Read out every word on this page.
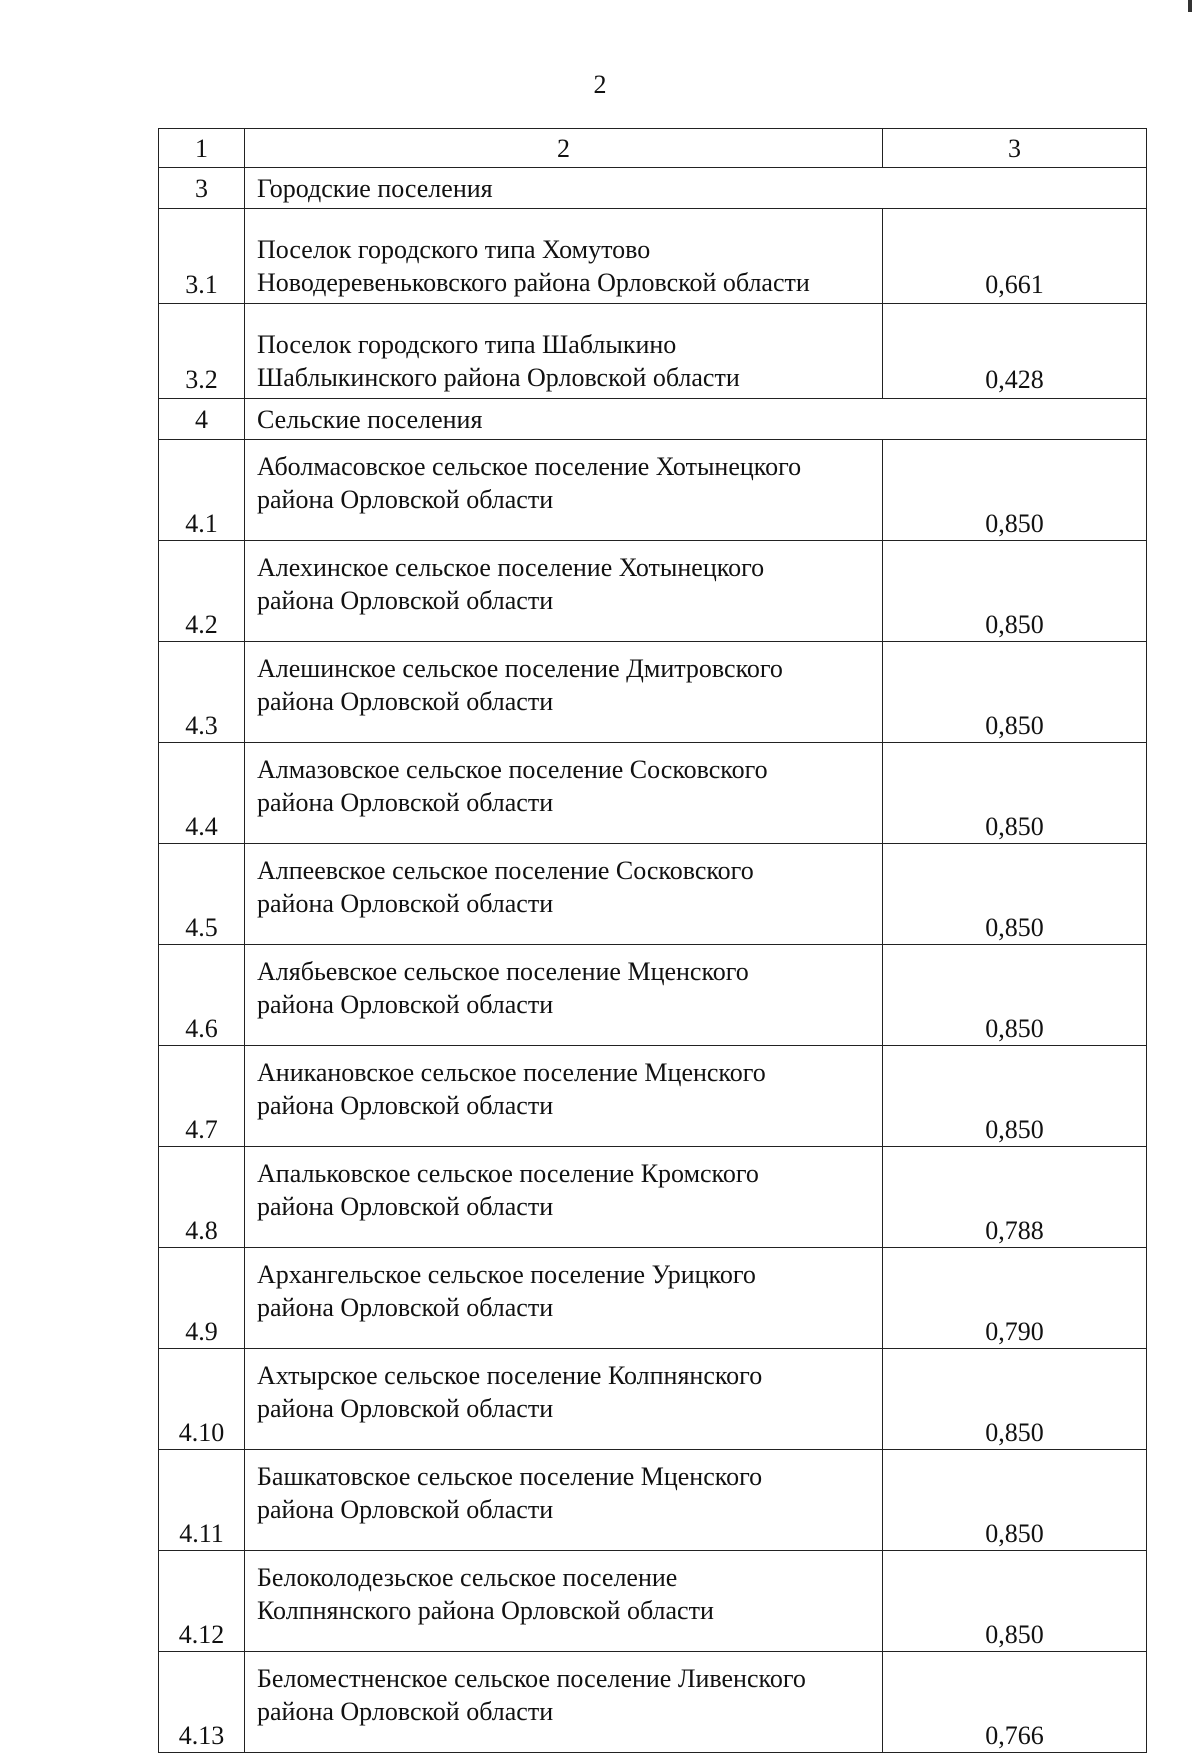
2
1	2	3
3	Городские поселения	
3.1	Поселок городского типа Хомутово
Новодеревеньковского района Орловской области	0,661
3.2	Поселок городского типа Шаблыкино
Шаблыкинского района Орловской области	0,428
4	Сельские поселения	
4.1	Аболмасовское сельское поселение Хотынецкого
района Орловской области	0,850
4.2	Алехинское сельское поселение Хотынецкого
района Орловской области	0,850
4.3	Алешинское сельское поселение Дмитровского
района Орловской области	0,850
4.4	Алмазовское сельское поселение Сосковского
района Орловской области	0,850
4.5	Алпеевское сельское поселение Сосковского
района Орловской области	0,850
4.6	Алябьевское сельское поселение Мценского
района Орловской области	0,850
4.7	Аникановское сельское поселение Мценского
района Орловской области	0,850
4.8	Апальковское сельское поселение Кромского
района Орловской области	0,788
4.9	Архангельское сельское поселение Урицкого
района Орловской области	0,790
4.10	Ахтырское сельское поселение Колпнянского
района Орловской области	0,850
4.11	Башкатовское сельское поселение Мценского
района Орловской области	0,850
4.12	Белоколодезьское сельское поселение
Колпнянского района Орловской области	0,850
4.13	Беломестненское сельское поселение Ливенского
района Орловской области	0,766
